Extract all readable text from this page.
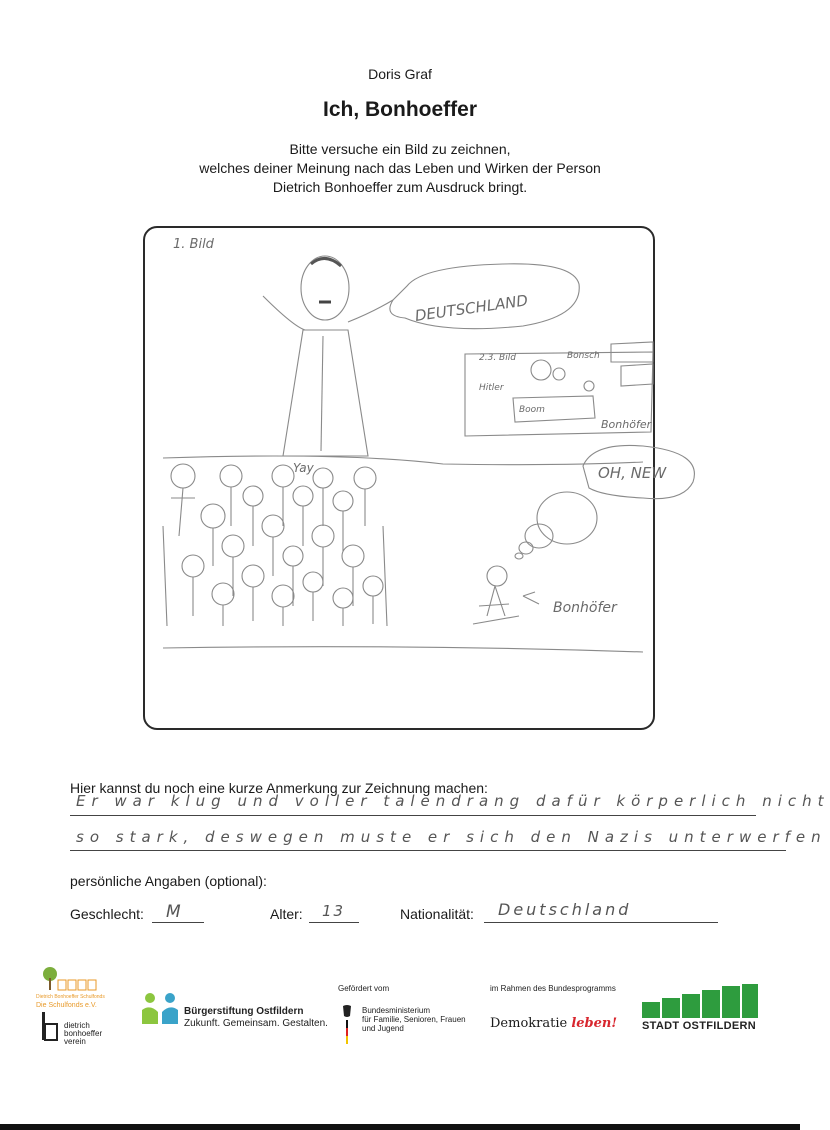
Doris Graf
Ich, Bonhoeffer
Bitte versuche ein Bild zu zeichnen,
welches deiner Meinung nach das Leben und Wirken der Person
Dietrich Bonhoeffer zum Ausdruck bringt.
1. Bild
DEUTSCHLAND
2.3. Bild	Bonsch
Hitler
Boom
Bonhöfer
OH, NEW
Yay
Bonhöfer
Hier kannst du noch eine kurze Anmerkung zur Zeichnung machen:
Er war klug und voller talendrang dafür körperlich nicht
so stark, deswegen muste er sich den Nazis unterwerfen
persönliche Angaben (optional):
Geschlecht: M	Alter: 13	Nationalität: Deutschland
Dietrich Bonhoeffer Schulfonds
Die Schulfonds e.V.
dietrich
bonhoeffer
verein
Bürgerstiftung Ostfildern
Zukunft. Gemeinsam. Gestalten.
Gefördert vom
Bundesministerium
für Familie, Senioren, Frauen
und Jugend
im Rahmen des Bundesprogramms
Demokratie leben! STADT OSTFILDERN
